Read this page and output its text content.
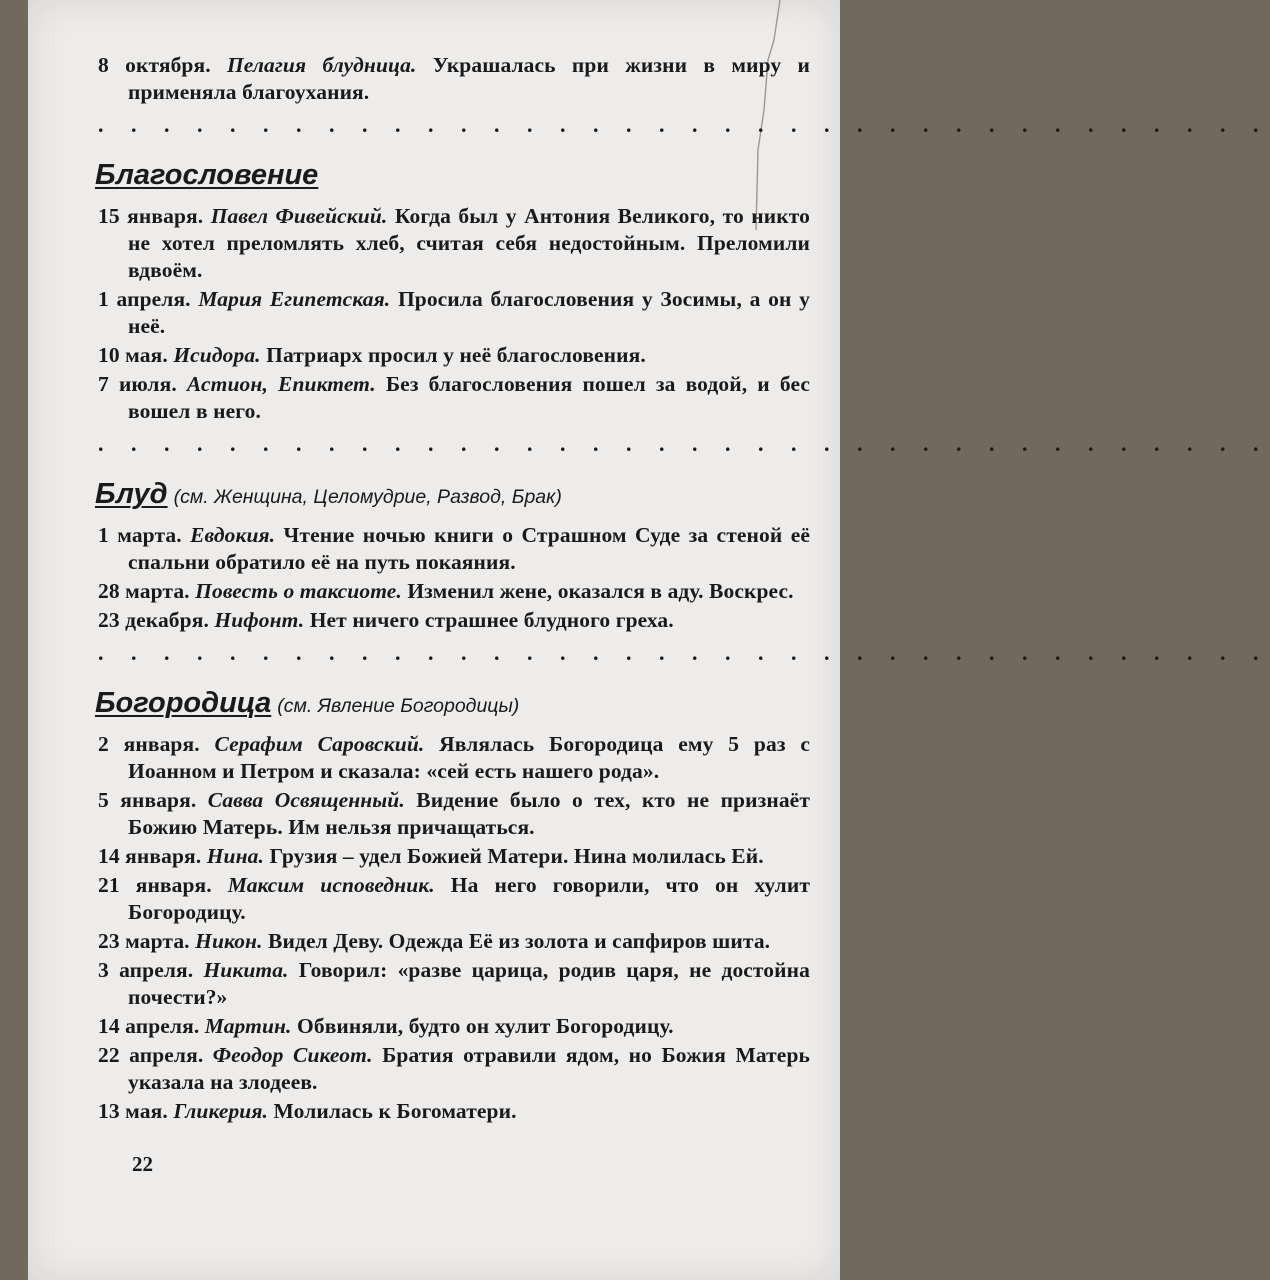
8 октября. Пелагия блудница. Украшалась при жизни в миру и применяла благоухания.

. . . . . . . . . . . . . . . . . . . . . . . . . . . . . . . . . . . .
Благословение

15 января. Павел Фивейский. Когда был у Антония Великого, то никто не хотел преломлять хлеб, считая себя недостойным. Преломили вдвоём.

1 апреля. Мария Египетская. Просила благословения у Зосимы, а он у неё.

10 мая. Исидора. Патриарх просил у неё благословения.

7 июля. Астион, Епиктет. Без благословения пошел за водой, и бес вошел в него.

. . . . . . . . . . . . . . . . . . . . . . . . . . . . . . . . . . . .
Блуд (см. Женщина, Целомудрие, Развод, Брак)

1 марта. Евдокия. Чтение ночью книги о Страшном Суде за стеной её спальни обратило её на путь покаяния.

28 марта. Повесть о таксиоте. Изменил жене, оказался в аду. Воскрес.

23 декабря. Нифонт. Нет ничего страшнее блудного греха.

. . . . . . . . . . . . . . . . . . . . . . . . . . . . . . . . . . . .
Богородица (см. Явление Богородицы)

2 января. Серафим Саровский. Являлась Богородица ему 5 раз с Иоанном и Петром и сказала: «сей есть нашего рода».

5 января. Савва Освященный. Видение было о тех, кто не признаёт Божию Матерь. Им нельзя причащаться.

14 января. Нина. Грузия – удел Божией Матери. Нина молилась Ей.

21 января. Максим исповедник. На него говорили, что он хулит Богородицу.

23 марта. Никон. Видел Деву. Одежда Её из золота и сапфиров шита.

3 апреля. Никита. Говорил: «разве царица, родив царя, не достойна почести?»

14 апреля. Мартин. Обвиняли, будто он хулит Богородицу.

22 апреля. Феодор Сикеот. Братия отравили ядом, но Божия Матерь указала на злодеев.

13 мая. Гликерия. Молилась к Богоматери.

22
